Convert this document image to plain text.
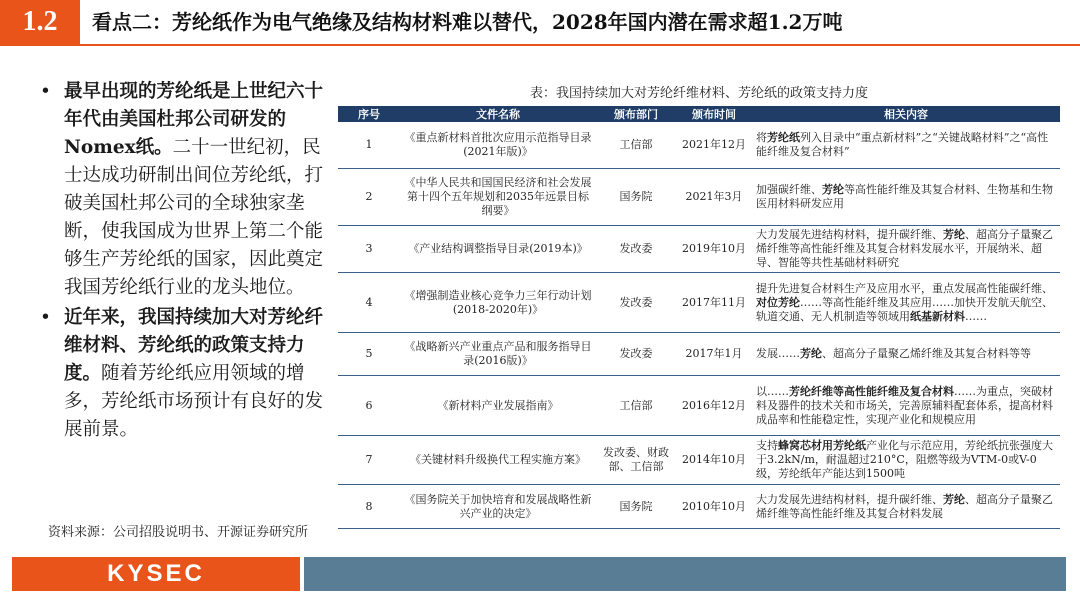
1.2	看点二：芳纶纸作为电气绝缘及结构材料难以替代，2028年国内潜在需求超1.2万吨
• 最早出现的芳纶纸是上世纪六十年代由美国杜邦公司研发的Nomex纸。二十一世纪初，民士达成功研制出间位芳纶纸，打破美国杜邦公司的全球独家垄断，使我国成为世界上第二个能够生产芳纶纸的国家，因此奠定我国芳纶纸行业的龙头地位。
• 近年来，我国持续加大对芳纶纤维材料、芳纶纸的政策支持力度。随着芳纶纸应用领域的增多，芳纶纸市场预计有良好的发展前景。
表：我国持续加大对芳纶纤维材料、芳纶纸的政策支持力度
序号	文件名称	颁布部门	颁布时间	相关内容
1	《重点新材料首批次应用示范指导目录(2021年版)》	工信部	2021年12月	将芳纶纸列入目录中“重点新材料”之“关键战略材料”之“高性能纤维及复合材料”
2	《中华人民共和国国民经济和社会发展第十四个五年规划和2035年远景目标纲要》	国务院	2021年3月	加强碳纤维、芳纶等高性能纤维及其复合材料、生物基和生物医用材料研发应用
3	《产业结构调整指导目录(2019本)》	发改委	2019年10月	大力发展先进结构材料，提升碳纤维、芳纶、超高分子量聚乙烯纤维等高性能纤维及其复合材料发展水平，开展纳米、超导、智能等共性基础材料研究
4	《增强制造业核心竞争力三年行动计划(2018-2020年)》	发改委	2017年11月	提升先进复合材料生产及应用水平，重点发展高性能碳纤维、对位芳纶……等高性能纤维及其应用……加快开发航天航空、轨道交通、无人机制造等领域用纸基新材料……
5	《战略新兴产业重点产品和服务指导目录(2016版)》	发改委	2017年1月	发展……芳纶、超高分子量聚乙烯纤维及其复合材料等等
6	《新材料产业发展指南》	工信部	2016年12月	以……芳纶纤维等高性能纤维及复合材料……为重点，突破材料及器件的技术关和市场关，完善原辅料配套体系，提高材料成品率和性能稳定性，实现产业化和规模应用
7	《关键材料升级换代工程实施方案》	发改委、财政部、工信部	2014年10月	支持蜂窝芯材用芳纶纸产业化与示范应用，芳纶纸抗张强度大于3.2kN/m，耐温超过210°C，阻燃等级为VTM-0或V-0级，芳纶纸年产能达到1500吨
8	《国务院关于加快培育和发展战略性新兴产业的决定》	国务院	2010年10月	大力发展先进结构材料，提升碳纤维、芳纶、超高分子量聚乙烯纤维等高性能纤维及其复合材料发展
资料来源：公司招股说明书、开源证券研究所
KYSEC
